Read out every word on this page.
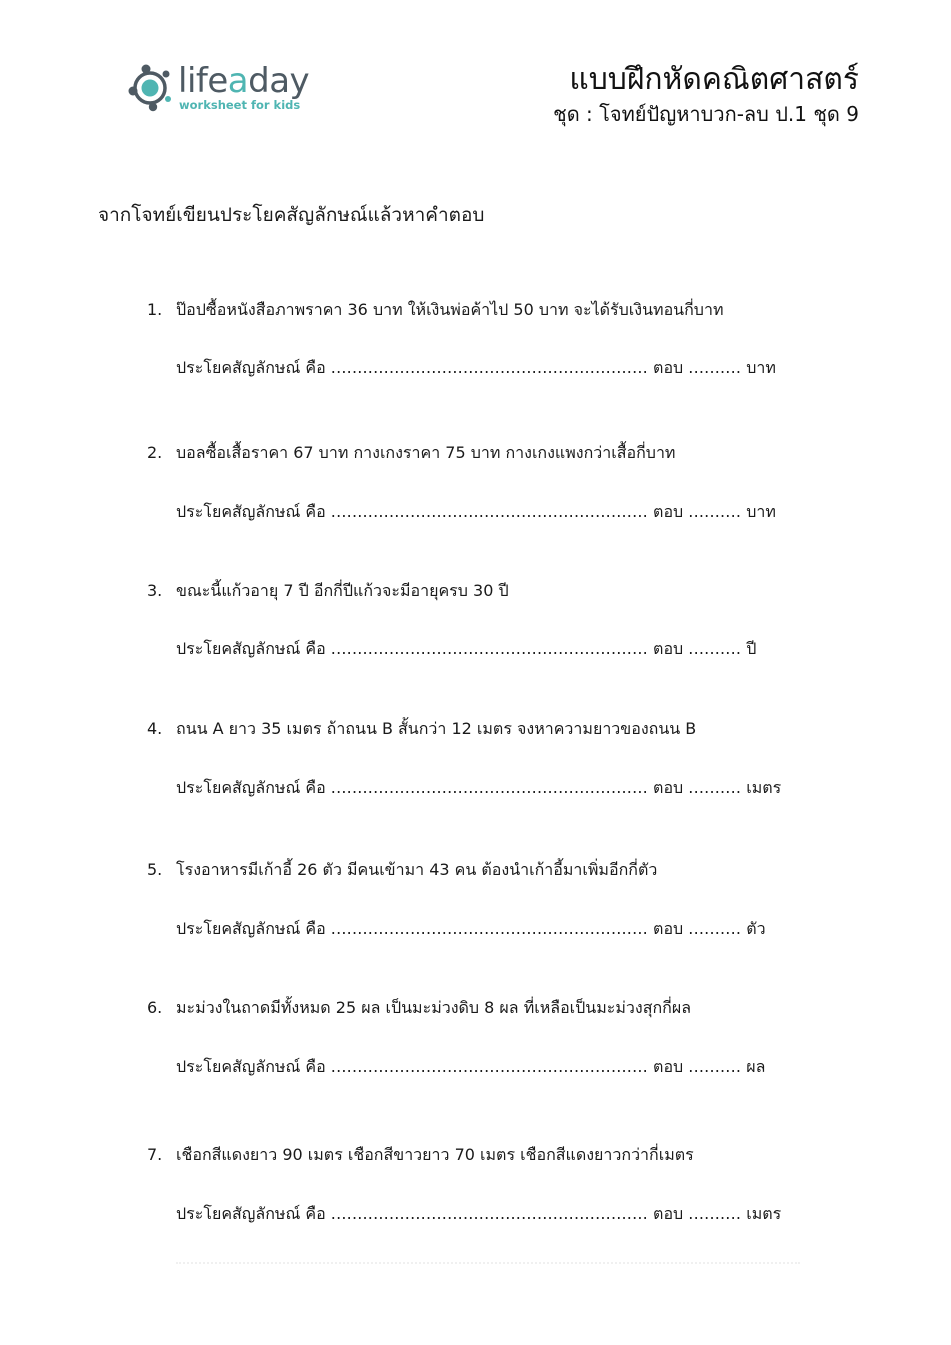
lifeaday
worksheet for kids
แบบฝึกหัดคณิตศาสตร์
ชุด : โจทย์ปัญหาบวก-ลบ ป.1 ชุด 9
จากโจทย์เขียนประโยคสัญลักษณ์แล้วหาคำตอบ
1. ป๊อปซื้อหนังสือภาพราคา 36 บาท ให้เงินพ่อค้าไป 50 บาท จะได้รับเงินทอนกี่บาท
ประโยคสัญลักษณ์ คือ ............................................................ ตอบ .......... บาท
2. บอลซื้อเสื้อราคา 67 บาท กางเกงราคา 75 บาท กางเกงแพงกว่าเสื้อกี่บาท
ประโยคสัญลักษณ์ คือ ............................................................ ตอบ .......... บาท
3. ขณะนี้แก้วอายุ 7 ปี อีกกี่ปีแก้วจะมีอายุครบ 30 ปี
ประโยคสัญลักษณ์ คือ ............................................................ ตอบ .......... ปี
4. ถนน A ยาว 35 เมตร ถ้าถนน B สั้นกว่า 12 เมตร จงหาความยาวของถนน B
ประโยคสัญลักษณ์ คือ ............................................................ ตอบ .......... เมตร
5. โรงอาหารมีเก้าอี้ 26 ตัว มีคนเข้ามา 43 คน ต้องนำเก้าอี้มาเพิ่มอีกกี่ตัว
ประโยคสัญลักษณ์ คือ ............................................................ ตอบ .......... ตัว
6. มะม่วงในถาดมีทั้งหมด 25 ผล เป็นมะม่วงดิบ 8 ผล ที่เหลือเป็นมะม่วงสุกกี่ผล
ประโยคสัญลักษณ์ คือ ............................................................ ตอบ .......... ผล
7. เชือกสีแดงยาว 90 เมตร เชือกสีขาวยาว 70 เมตร เชือกสีแดงยาวกว่ากี่เมตร
ประโยคสัญลักษณ์ คือ ............................................................ ตอบ .......... เมตร
